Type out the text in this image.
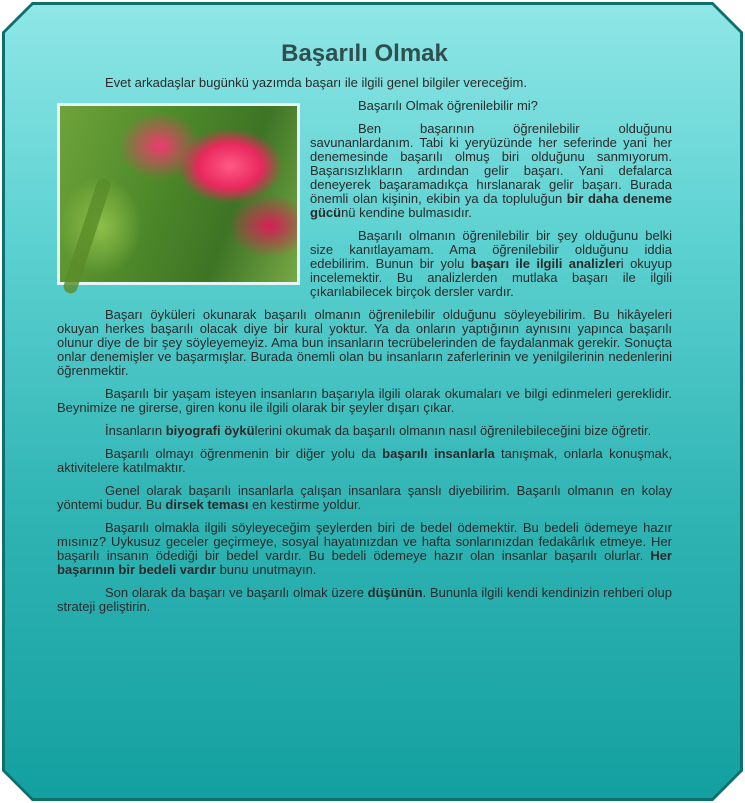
Başarılı Olmak

Evet arkadaşlar bugünkü yazımda başarı ile ilgili genel bilgiler vereceğim.

Başarılı Olmak öğrenilebilir mi?

Ben başarının öğrenilebilir olduğunu savunanlardanım. Tabi ki yeryüzünde her seferinde yani her denemesinde başarılı olmuş biri olduğunu sanmıyorum. Başarısızlıkların ardından gelir başarı. Yani defalarca deneyerek başaramadıkça hırslanarak gelir başarı. Burada önemli olan kişinin, ekibin ya da topluluğun bir daha deneme gücünü kendine bulmasıdır.

Başarılı olmanın öğrenilebilir bir şey olduğunu belki size kanıtlayamam. Ama öğrenilebilir olduğunu iddia edebilirim. Bunun bir yolu başarı ile ilgili analizleri okuyup incelemektir. Bu analizlerden mutlaka başarı ile ilgili çıkarılabilecek birçok dersler vardır.

Başarı öyküleri okunarak başarılı olmanın öğrenilebilir olduğunu söyleyebilirim. Bu hikâyeleri okuyan herkes başarılı olacak diye bir kural yoktur. Ya da onların yaptığının aynısını yapınca başarılı olunur diye de bir şey söyleyemeyiz. Ama bun insanların tecrübelerinden de faydalanmak gerekir. Sonuçta onlar denemişler ve başarmışlar. Burada önemli olan bu insanların zaferlerinin ve yenilgilerinin nedenlerini öğrenmektir.

Başarılı bir yaşam isteyen insanların başarıyla ilgili olarak okumaları ve bilgi edinmeleri gereklidir. Beynimize ne girerse, giren konu ile ilgili olarak bir şeyler dışarı çıkar.

İnsanların biyografi öykülerini okumak da başarılı olmanın nasıl öğrenilebileceğini bize öğretir.

Başarılı olmayı öğrenmenin bir diğer yolu da başarılı insanlarla tanışmak, onlarla konuşmak, aktivitelere katılmaktır.

Genel olarak başarılı insanlarla çalışan insanlara şanslı diyebilirim. Başarılı olmanın en kolay yöntemi budur. Bu dirsek teması en kestirme yoldur.

Başarılı olmakla ilgili söyleyeceğim şeylerden biri de bedel ödemektir. Bu bedeli ödemeye hazır mısınız? Uykusuz geceler geçirmeye, sosyal hayatınızdan ve hafta sonlarınızdan fedakârlık etmeye. Her başarılı insanın ödediği bir bedel vardır. Bu bedeli ödemeye hazır olan insanlar başarılı olurlar. Her başarının bir bedeli vardır bunu unutmayın.

Son olarak da başarı ve başarılı olmak üzere düşünün. Bununla ilgili kendi kendinizin rehberi olup strateji geliştirin.
